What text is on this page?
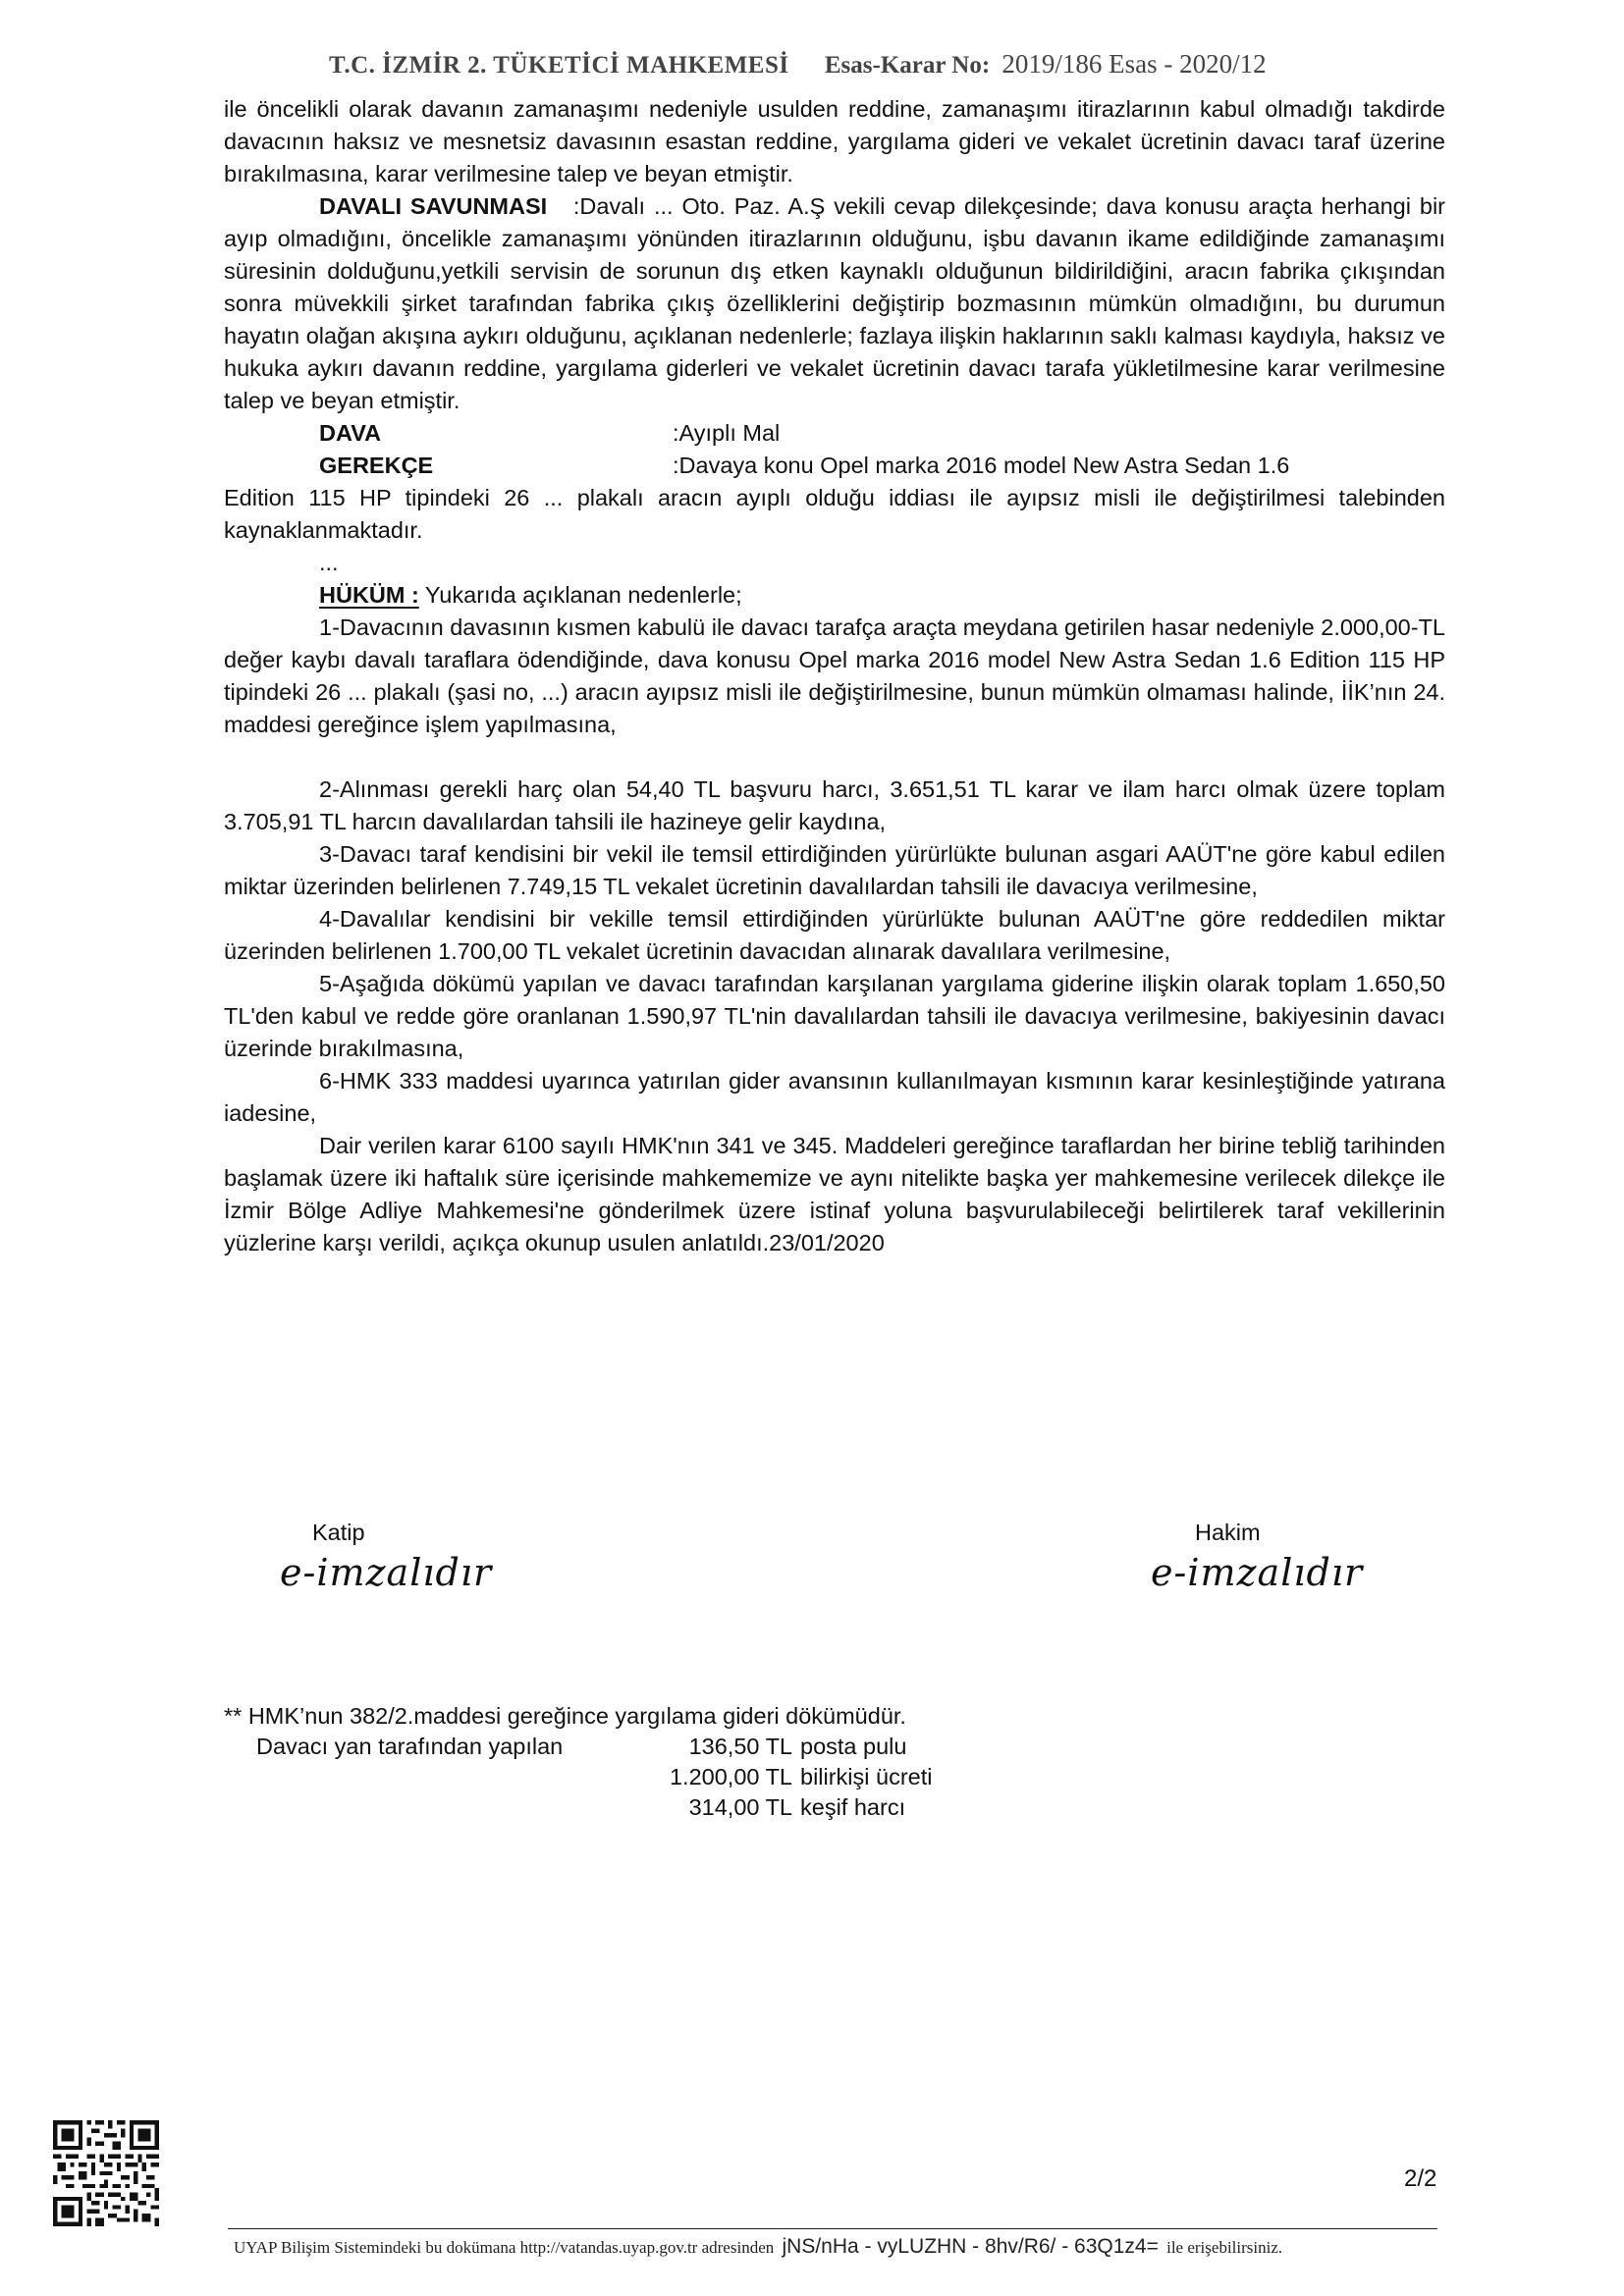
T.C. İZMİR 2. TÜKETİCİ MAHKEMESİ Esas-Karar No: 2019/186 Esas - 2020/12

ile öncelikli olarak davanın zamanaşımı nedeniyle usulden reddine, zamanaşımı itirazlarının kabul olmadığı takdirde davacının haksız ve mesnetsiz davasının esastan reddine, yargılama gideri ve vekalet ücretinin davacı taraf üzerine bırakılmasına, karar verilmesine talep ve beyan etmiştir.

DAVALI SAVUNMASI :Davalı ... Oto. Paz. A.Ş vekili cevap dilekçesinde; dava konusu araçta herhangi bir ayıp olmadığını, öncelikle zamanaşımı yönünden itirazlarının olduğunu, işbu davanın ikame edildiğinde zamanaşımı süresinin dolduğunu,yetkili servisin de sorunun dış etken kaynaklı olduğunun bildirildiğini, aracın fabrika çıkışından sonra müvekkili şirket tarafından fabrika çıkış özelliklerini değiştirip bozmasının mümkün olmadığını, bu durumun hayatın olağan akışına aykırı olduğunu, açıklanan nedenlerle; fazlaya ilişkin haklarının saklı kalması kaydıyla, haksız ve hukuka aykırı davanın reddine, yargılama giderleri ve vekalet ücretinin davacı tarafa yükletilmesine karar verilmesine talep ve beyan etmiştir.

DAVA	:Ayıplı Mal
GEREKÇE	:Davaya konu Opel marka 2016 model New Astra Sedan 1.6

Edition 115 HP tipindeki 26 ... plakalı aracın ayıplı olduğu iddiası ile ayıpsız misli ile değiştirilmesi talebinden kaynaklanmaktadır.

...

HÜKÜM : Yukarıda açıklanan nedenlerle;

1-Davacının davasının kısmen kabulü ile davacı tarafça araçta meydana getirilen hasar nedeniyle 2.000,00-TL değer kaybı davalı taraflara ödendiğinde, dava konusu Opel marka 2016 model New Astra Sedan 1.6 Edition 115 HP tipindeki 26 ... plakalı (şasi no, ...) aracın ayıpsız misli ile değiştirilmesine, bunun mümkün olmaması halinde, İİK’nın 24. maddesi gereğince işlem yapılmasına,

2-Alınması gerekli harç olan 54,40 TL başvuru harcı, 3.651,51 TL karar ve ilam harcı olmak üzere toplam 3.705,91 TL harcın davalılardan tahsili ile hazineye gelir kaydına,

3-Davacı taraf kendisini bir vekil ile temsil ettirdiğinden yürürlükte bulunan asgari AAÜT'ne göre kabul edilen miktar üzerinden belirlenen 7.749,15 TL vekalet ücretinin davalılardan tahsili ile davacıya verilmesine,

4-Davalılar kendisini bir vekille temsil ettirdiğinden yürürlükte bulunan AAÜT'ne göre reddedilen miktar üzerinden belirlenen 1.700,00 TL vekalet ücretinin davacıdan alınarak davalılara verilmesine,

5-Aşağıda dökümü yapılan ve davacı tarafından karşılanan yargılama giderine ilişkin olarak toplam 1.650,50 TL'den kabul ve redde göre oranlanan 1.590,97 TL'nin davalılardan tahsili ile davacıya verilmesine, bakiyesinin davacı üzerinde bırakılmasına,

6-HMK 333 maddesi uyarınca yatırılan gider avansının kullanılmayan kısmının karar kesinleştiğinde yatırana iadesine,

Dair verilen karar 6100 sayılı HMK'nın 341 ve 345. Maddeleri gereğince taraflardan her birine tebliğ tarihinden başlamak üzere iki haftalık süre içerisinde mahkememize ve aynı nitelikte başka yer mahkemesine verilecek dilekçe ile İzmir Bölge Adliye Mahkemesi'ne gönderilmek üzere istinaf yoluna başvurulabileceği belirtilerek taraf vekillerinin yüzlerine karşı verildi, açıkça okunup usulen anlatıldı.23/01/2020

Katip
e-imzalıdır
Hakim
e-imzalıdır
** HMK’nun 382/2.maddesi gereğince yargılama gideri dökümüdür.
Davacı yan tarafından yapılan	136,50 TL posta pulu
1.200,00 TL bilirkişi ücreti
314,00 TL keşif harcı
2/2
UYAP Bilişim Sistemindeki bu dokümana http://vatandas.uyap.gov.tr adresinden jNS/nHa - vyLUZHN - 8hv/R6/ - 63Q1z4= ile erişebilirsiniz.
